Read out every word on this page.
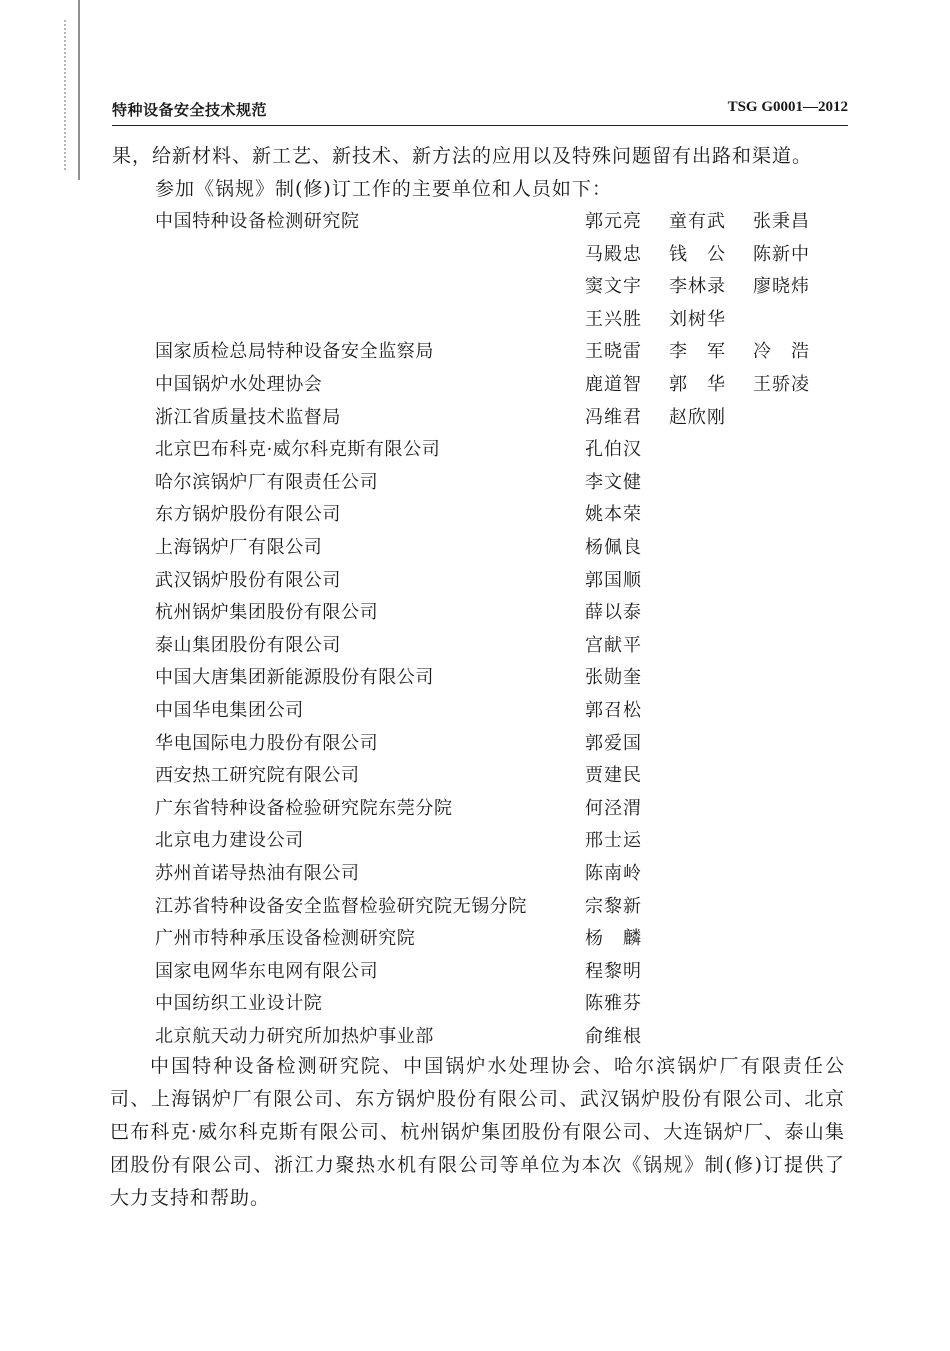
特种设备安全技术规范	TSG G0001—2012
果，给新材料、新工艺、新技术、新方法的应用以及特殊问题留有出路和渠道。
参加《锅规》制(修)订工作的主要单位和人员如下：
中国特种设备检测研究院	郭元亮 童有武 张秉昌
马殿忠 钱　公 陈新中
窦文宇 李林录 廖晓炜
王兴胜 刘树华
国家质检总局特种设备安全监察局	王晓雷 李　军 冷　浩
中国锅炉水处理协会	鹿道智 郭　华 王骄凌
浙江省质量技术监督局	冯维君 赵欣刚
北京巴布科克·威尔科克斯有限公司	孔伯汉
哈尔滨锅炉厂有限责任公司	李文健
东方锅炉股份有限公司	姚本荣
上海锅炉厂有限公司	杨佩良
武汉锅炉股份有限公司	郭国顺
杭州锅炉集团股份有限公司	薛以泰
泰山集团股份有限公司	宫献平
中国大唐集团新能源股份有限公司	张勋奎
中国华电集团公司	郭召松
华电国际电力股份有限公司	郭爱国
西安热工研究院有限公司	贾建民
广东省特种设备检验研究院东莞分院	何泾渭
北京电力建设公司	邢士运
苏州首诺导热油有限公司	陈南岭
江苏省特种设备安全监督检验研究院无锡分院	宗黎新
广州市特种承压设备检测研究院	杨　麟
国家电网华东电网有限公司	程黎明
中国纺织工业设计院	陈雅芬
北京航天动力研究所加热炉事业部	俞维根
中国特种设备检测研究院、中国锅炉水处理协会、哈尔滨锅炉厂有限责任公司、上海锅炉厂有限公司、东方锅炉股份有限公司、武汉锅炉股份有限公司、北京巴布科克·威尔科克斯有限公司、杭州锅炉集团股份有限公司、大连锅炉厂、泰山集团股份有限公司、浙江力聚热水机有限公司等单位为本次《锅规》制(修)订提供了大力支持和帮助。
